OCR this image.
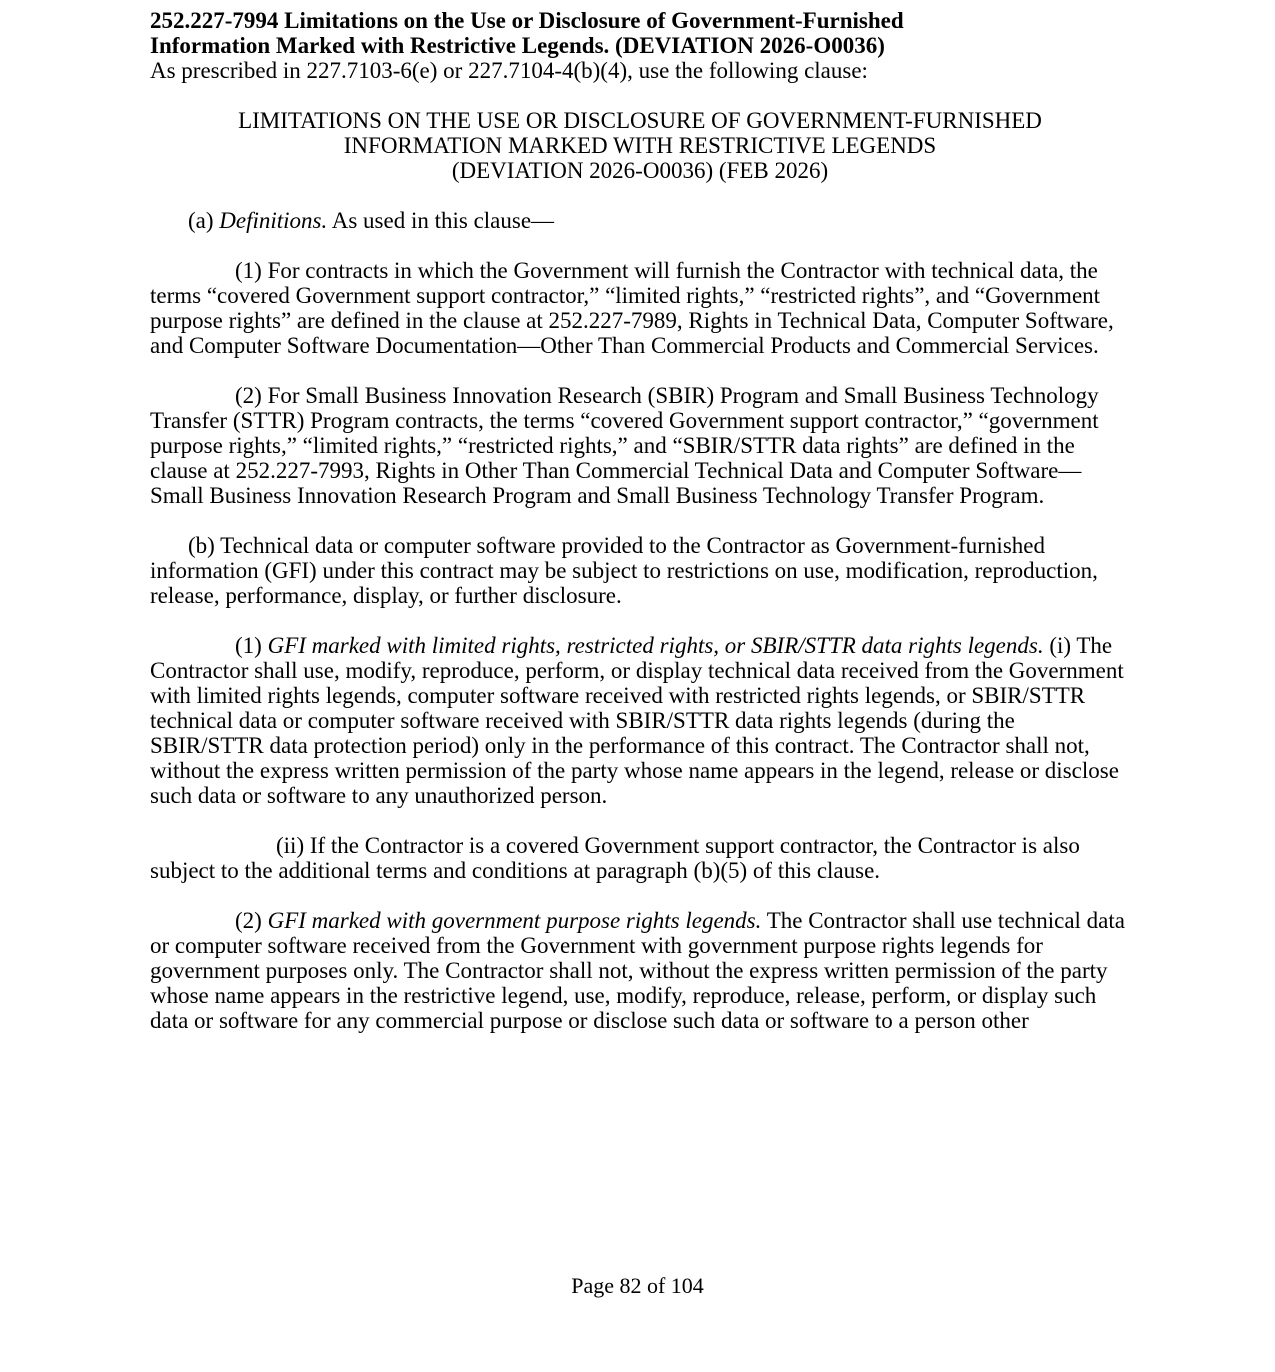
252.227-7994 Limitations on the Use or Disclosure of Government-Furnished
Information Marked with Restrictive Legends. (DEVIATION 2026-O0036)
As prescribed in 227.7103-6(e) or 227.7104-4(b)(4), use the following clause:
LIMITATIONS ON THE USE OR DISCLOSURE OF GOVERNMENT-FURNISHED
INFORMATION MARKED WITH RESTRICTIVE LEGENDS
(DEVIATION 2026-O0036) (FEB 2026)

(a) Definitions. As used in this clause—

(1) For contracts in which the Government will furnish the Contractor with technical data, the terms “covered Government support contractor,” “limited rights,” “restricted rights”, and “Government purpose rights” are defined in the clause at 252.227-7989, Rights in Technical Data, Computer Software, and Computer Software Documentation—Other Than Commercial Products and Commercial Services.

(2) For Small Business Innovation Research (SBIR) Program and Small Business Technology Transfer (STTR) Program contracts, the terms “covered Government support contractor,” “government purpose rights,” “limited rights,” “restricted rights,” and “SBIR/STTR data rights” are defined in the clause at 252.227-7993, Rights in Other Than Commercial Technical Data and Computer Software—Small Business Innovation Research Program and Small Business Technology Transfer Program.

(b) Technical data or computer software provided to the Contractor as Government-furnished information (GFI) under this contract may be subject to restrictions on use, modification, reproduction, release, performance, display, or further disclosure.

(1) GFI marked with limited rights, restricted rights, or SBIR/STTR data rights legends. (i) The Contractor shall use, modify, reproduce, perform, or display technical data received from the Government with limited rights legends, computer software received with restricted rights legends, or SBIR/STTR technical data or computer software received with SBIR/STTR data rights legends (during the SBIR/STTR data protection period) only in the performance of this contract. The Contractor shall not, without the express written permission of the party whose name appears in the legend, release or disclose such data or software to any unauthorized person.

(ii) If the Contractor is a covered Government support contractor, the Contractor is also subject to the additional terms and conditions at paragraph (b)(5) of this clause.

(2) GFI marked with government purpose rights legends. The Contractor shall use technical data or computer software received from the Government with government purpose rights legends for government purposes only. The Contractor shall not, without the express written permission of the party whose name appears in the restrictive legend, use, modify, reproduce, release, perform, or display such data or software for any commercial purpose or disclose such data or software to a person other

Page 82 of 104
